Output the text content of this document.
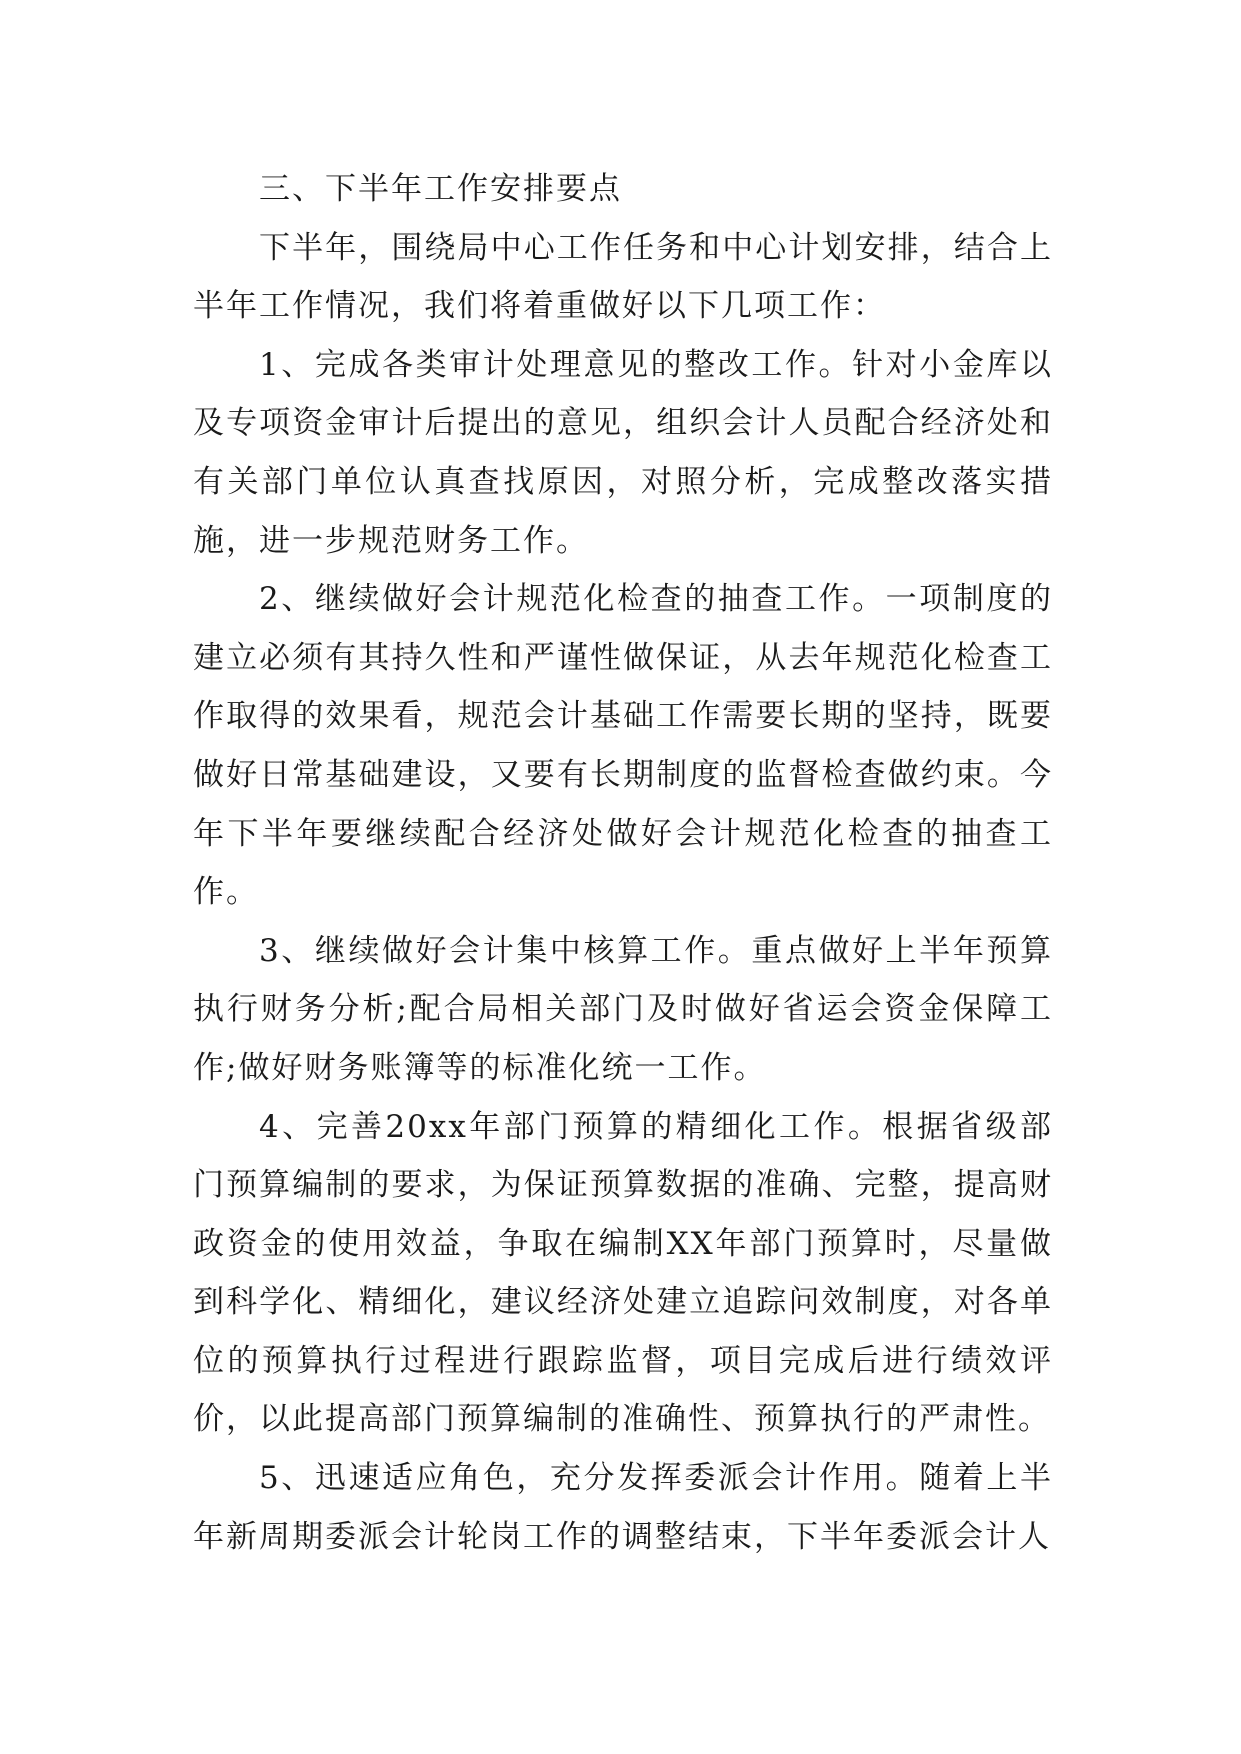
三、下半年工作安排要点

下半年，围绕局中心工作任务和中心计划安排，结合上半年工作情况，我们将着重做好以下几项工作：

1、完成各类审计处理意见的整改工作。针对小金库以及专项资金审计后提出的意见，组织会计人员配合经济处和有关部门单位认真查找原因，对照分析，完成整改落实措施，进一步规范财务工作。

2、继续做好会计规范化检查的抽查工作。一项制度的建立必须有其持久性和严谨性做保证，从去年规范化检查工作取得的效果看，规范会计基础工作需要长期的坚持，既要做好日常基础建设，又要有长期制度的监督检查做约束。今年下半年要继续配合经济处做好会计规范化检查的抽查工作。

3、继续做好会计集中核算工作。重点做好上半年预算执行财务分析;配合局相关部门及时做好省运会资金保障工作;做好财务账簿等的标准化统一工作。

4、完善20xx年部门预算的精细化工作。根据省级部门预算编制的要求，为保证预算数据的准确、完整，提高财政资金的使用效益，争取在编制XX年部门预算时，尽量做到科学化、精细化，建议经济处建立追踪问效制度，对各单位的预算执行过程进行跟踪监督，项目完成后进行绩效评价，以此提高部门预算编制的准确性、预算执行的严肃性。

5、迅速适应角色，充分发挥委派会计作用。随着上半年新周期委派会计轮岗工作的调整结束，下半年委派会计人
